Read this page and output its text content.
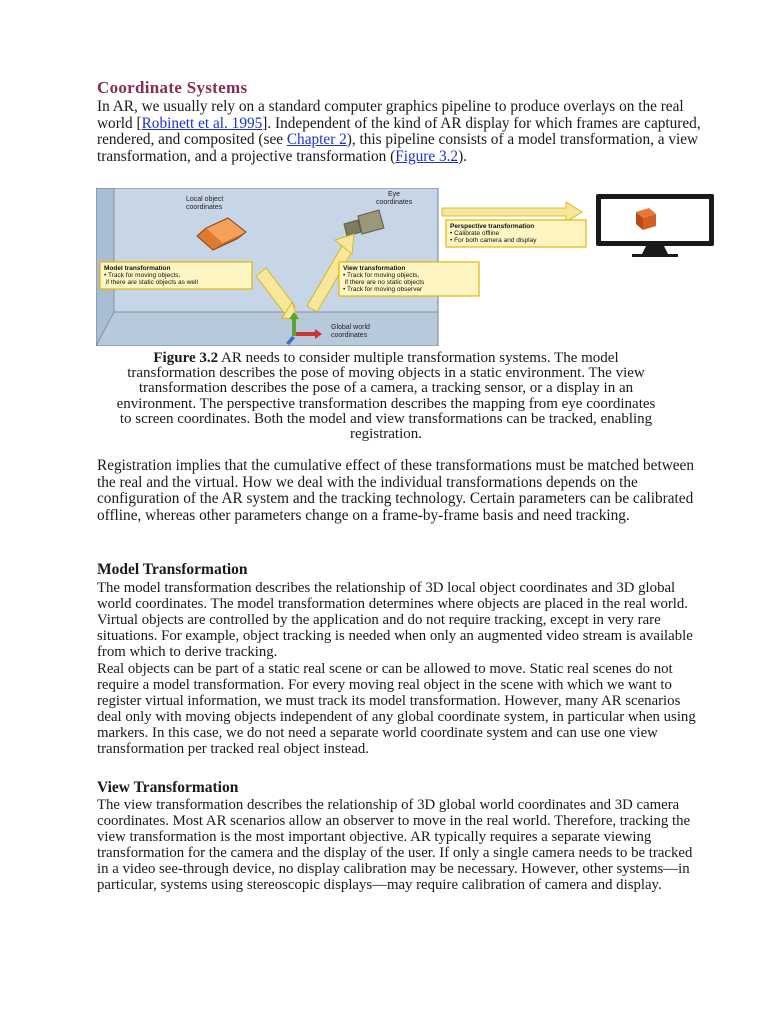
Coordinate Systems

In AR, we usually rely on a standard computer graphics pipeline to produce overlays on the real world [Robinett et al. 1995]. Independent of the kind of AR display for which frames are captured, rendered, and composited (see Chapter 2), this pipeline consists of a model transformation, a view transformation, and a projective transformation (Figure 3.2).

Local object coordinates
Eye coordinates
Global world coordinates
Model transformation • Track for moving objects, if there are static objects as well
View transformation • Track for moving objects, if there are no static objects • Track for moving observer
Perspective transformation • Calibrate offline • For both camera and display

Figure 3.2 AR needs to consider multiple transformation systems. The model transformation describes the pose of moving objects in a static environment. The view transformation describes the pose of a camera, a tracking sensor, or a display in an environment. The perspective transformation describes the mapping from eye coordinates to screen coordinates. Both the model and view transformations can be tracked, enabling registration.

Registration implies that the cumulative effect of these transformations must be matched between the real and the virtual. How we deal with the individual transformations depends on the configuration of the AR system and the tracking technology. Certain parameters can be calibrated offline, whereas other parameters change on a frame-by-frame basis and need tracking.

Model Transformation

The model transformation describes the relationship of 3D local object coordinates and 3D global world coordinates. The model transformation determines where objects are placed in the real world. Virtual objects are controlled by the application and do not require tracking, except in very rare situations. For example, object tracking is needed when only an augmented video stream is available from which to derive tracking.

Real objects can be part of a static real scene or can be allowed to move. Static real scenes do not require a model transformation. For every moving real object in the scene with which we want to register virtual information, we must track its model transformation. However, many AR scenarios deal only with moving objects independent of any global coordinate system, in particular when using markers. In this case, we do not need a separate world coordinate system and can use one view transformation per tracked real object instead.

View Transformation

The view transformation describes the relationship of 3D global world coordinates and 3D camera coordinates. Most AR scenarios allow an observer to move in the real world. Therefore, tracking the view transformation is the most important objective. AR typically requires a separate viewing transformation for the camera and the display of the user. If only a single camera needs to be tracked in a video see-through device, no display calibration may be necessary. However, other systems—in particular, systems using stereoscopic displays—may require calibration of camera and display.
